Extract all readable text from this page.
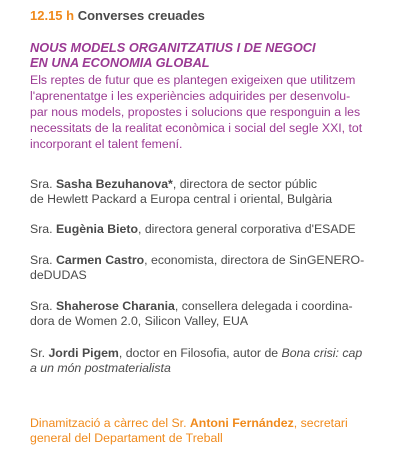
12.15 h Converses creuades
NOUS MODELS ORGANITZATIUS I DE NEGOCI
EN UNA ECONOMIA GLOBAL
Els reptes de futur que es plantegen exigeixen que utilitzem
l'aprenentatge i les experiències adquirides per desenvolu-
par nous models, propostes i solucions que responguin a les
necessitats de la realitat econòmica i social del segle XXI, tot
incorporant el talent femení.
Sra. Sasha Bezuhanova*, directora de sector públic
de Hewlett Packard a Europa central i oriental, Bulgària
Sra. Eugènia Bieto, directora general corporativa d'ESADE
Sra. Carmen Castro, economista, directora de SinGENERO-
deDUDAS
Sra. Shaherose Charania, consellera delegada i coordina-
dora de Women 2.0, Silicon Valley, EUA
Sr. Jordi Pigem, doctor en Filosofia, autor de Bona crisi: cap
a un món postmaterialista
Dinamització a càrrec del Sr. Antoni Fernández, secretari
general del Departament de Treball
